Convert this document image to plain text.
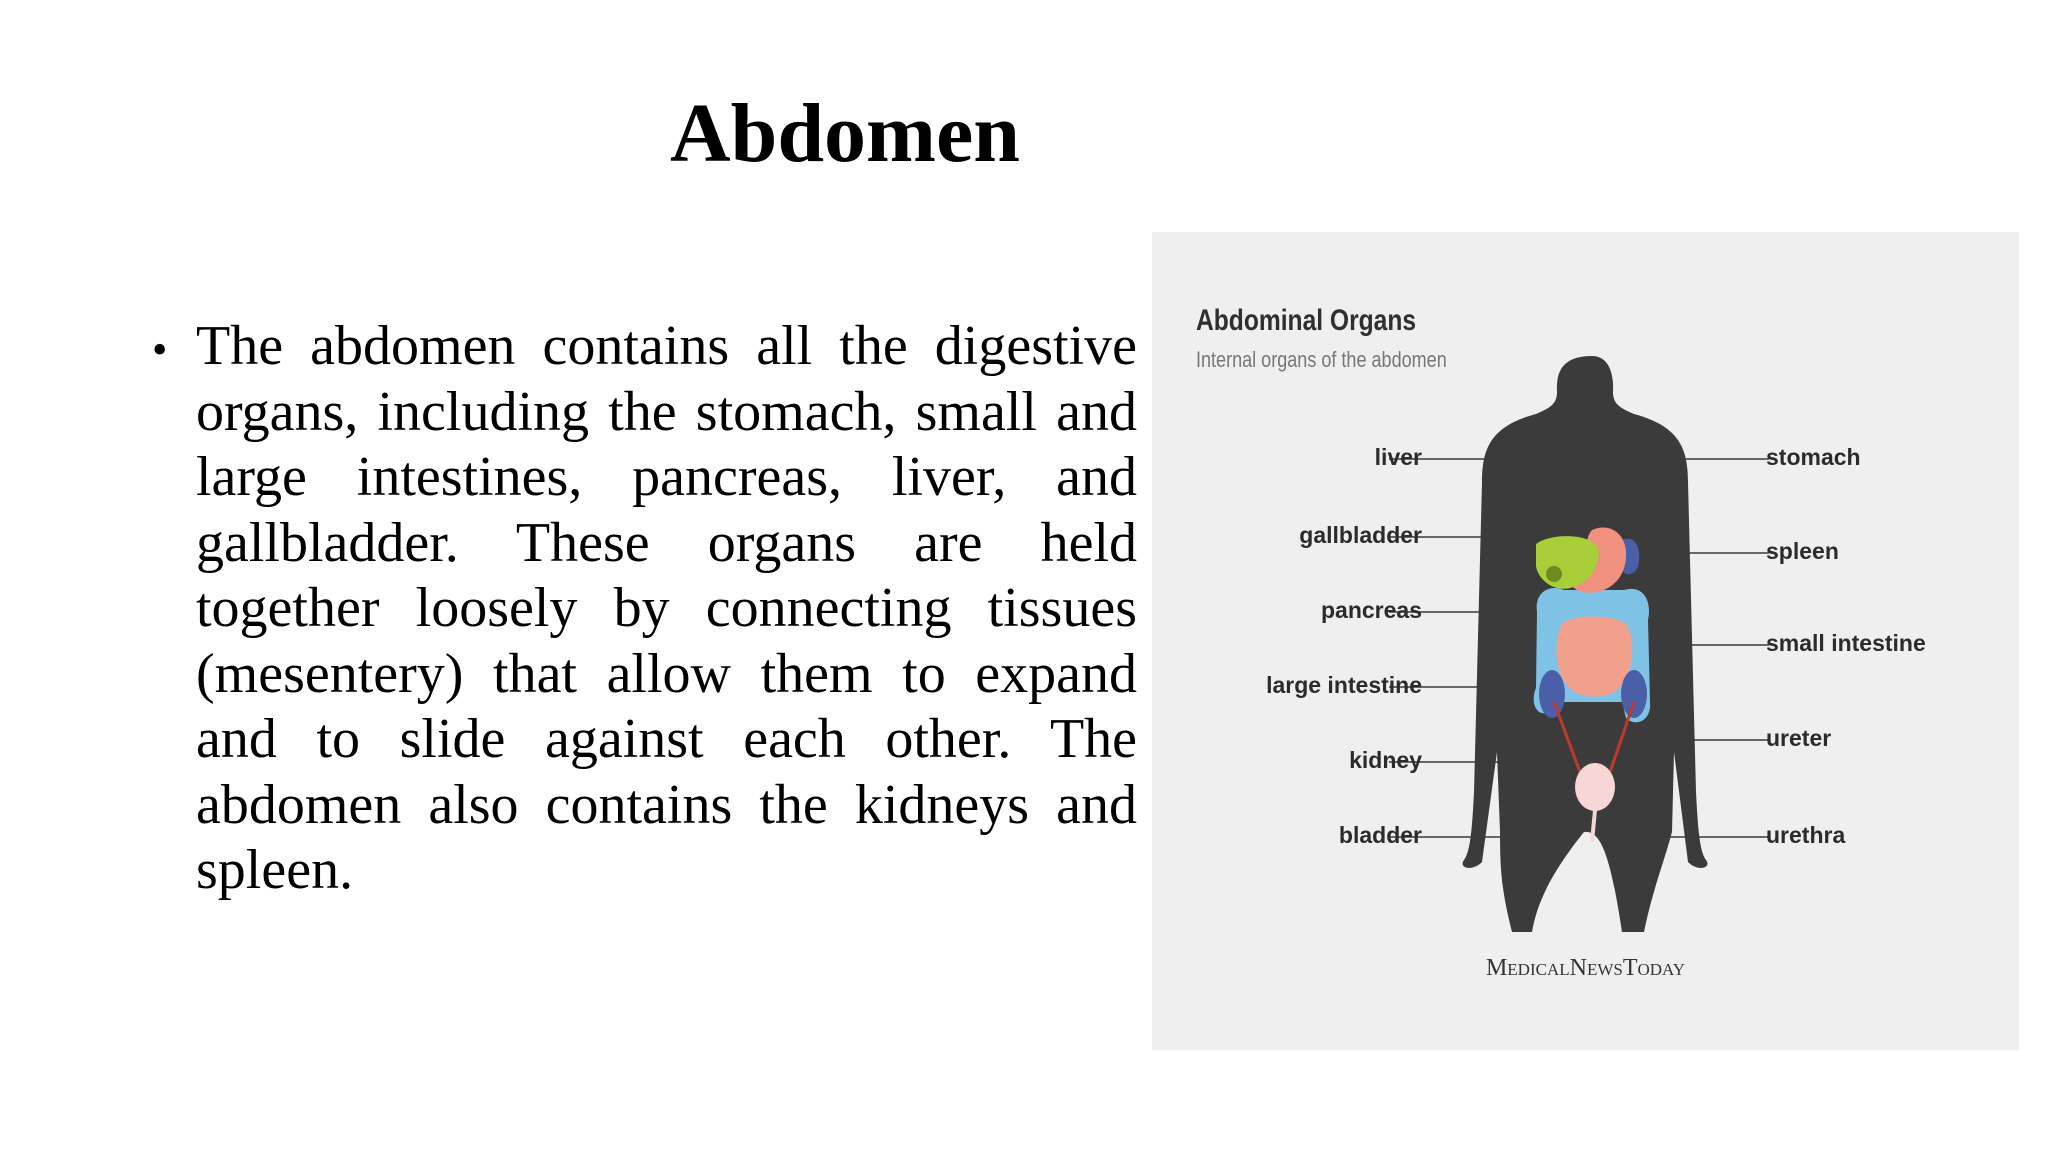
Abdomen
• The abdomen contains all the digestive organs, including the stomach, small and large intestines, pancreas, liver, and gallbladder. These organs are held together loosely by connecting tissues (mesentery) that allow them to expand and to slide against each other. The abdomen also contains the kidneys and spleen.
Abdominal Organs
Internal organs of the abdomen
liver
gallbladder
pancreas
large intestine
kidney
bladder
stomach
spleen
small intestine
ureter
urethra
MedicalNewsToday
